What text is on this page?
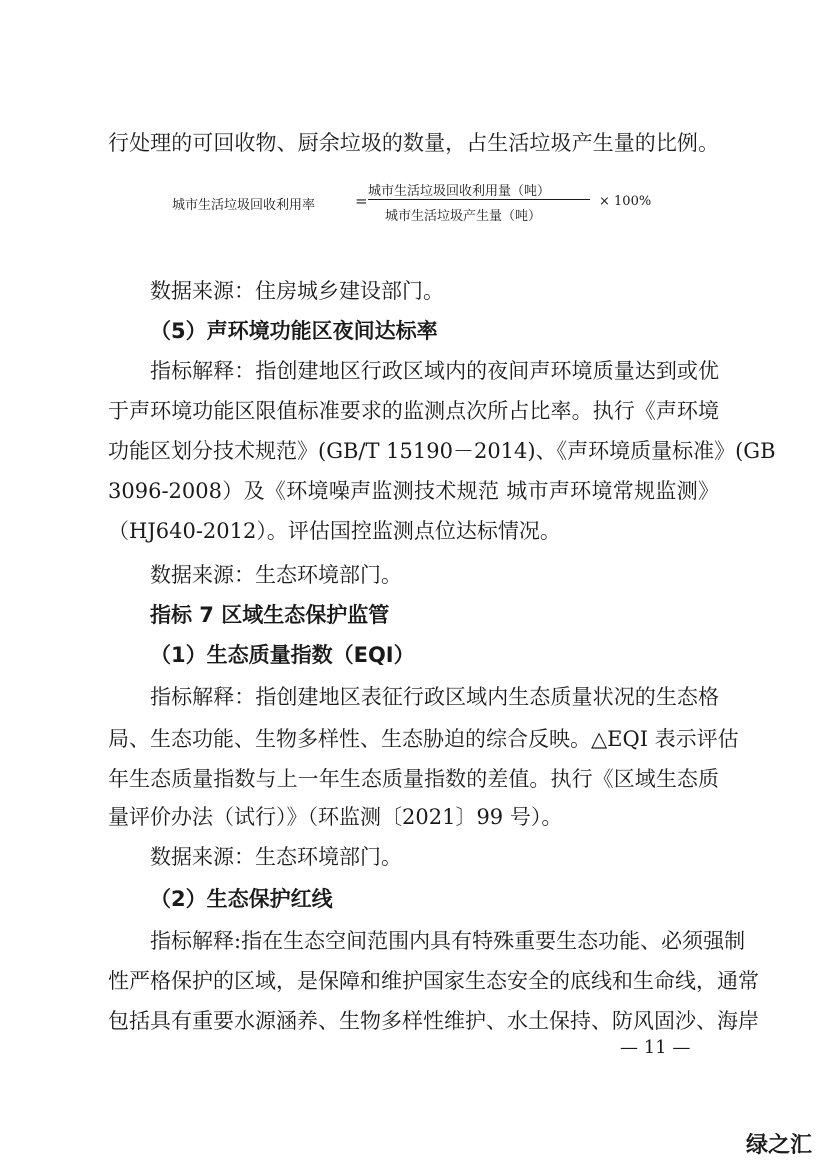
行处理的可回收物、厨余垃圾的数量，占生活垃圾产生量的比例。
城市生活垃圾回收利用率	=
城市生活垃圾回收利用量（吨）
城市生活垃圾产生量（吨）
× 100%
数据来源：住房城乡建设部门。
（5）声环境功能区夜间达标率
指标解释：指创建地区行政区域内的夜间声环境质量达到或优
于声环境功能区限值标准要求的监测点次所占比率。执行《声环境
功能区划分技术规范》(GB/T 15190－2014)、《声环境质量标准》(GB
3096-2008）及《环境噪声监测技术规范 城市声环境常规监测》
（HJ640-2012）。评估国控监测点位达标情况。
数据来源：生态环境部门。
指标 7 区域生态保护监管
（1）生态质量指数（EQI）
指标解释：指创建地区表征行政区域内生态质量状况的生态格
局、生态功能、生物多样性、生态胁迫的综合反映。△EQI 表示评估
年生态质量指数与上一年生态质量指数的差值。执行《区域生态质
量评价办法（试行）》（环监测〔2021〕99 号）。
数据来源：生态环境部门。
（2）生态保护红线
指标解释:指在生态空间范围内具有特殊重要生态功能、必须强制
性严格保护的区域，是保障和维护国家生态安全的底线和生命线，通常
包括具有重要水源涵养、生物多样性维护、水土保持、防风固沙、海岸
— 11 —
绿之汇
